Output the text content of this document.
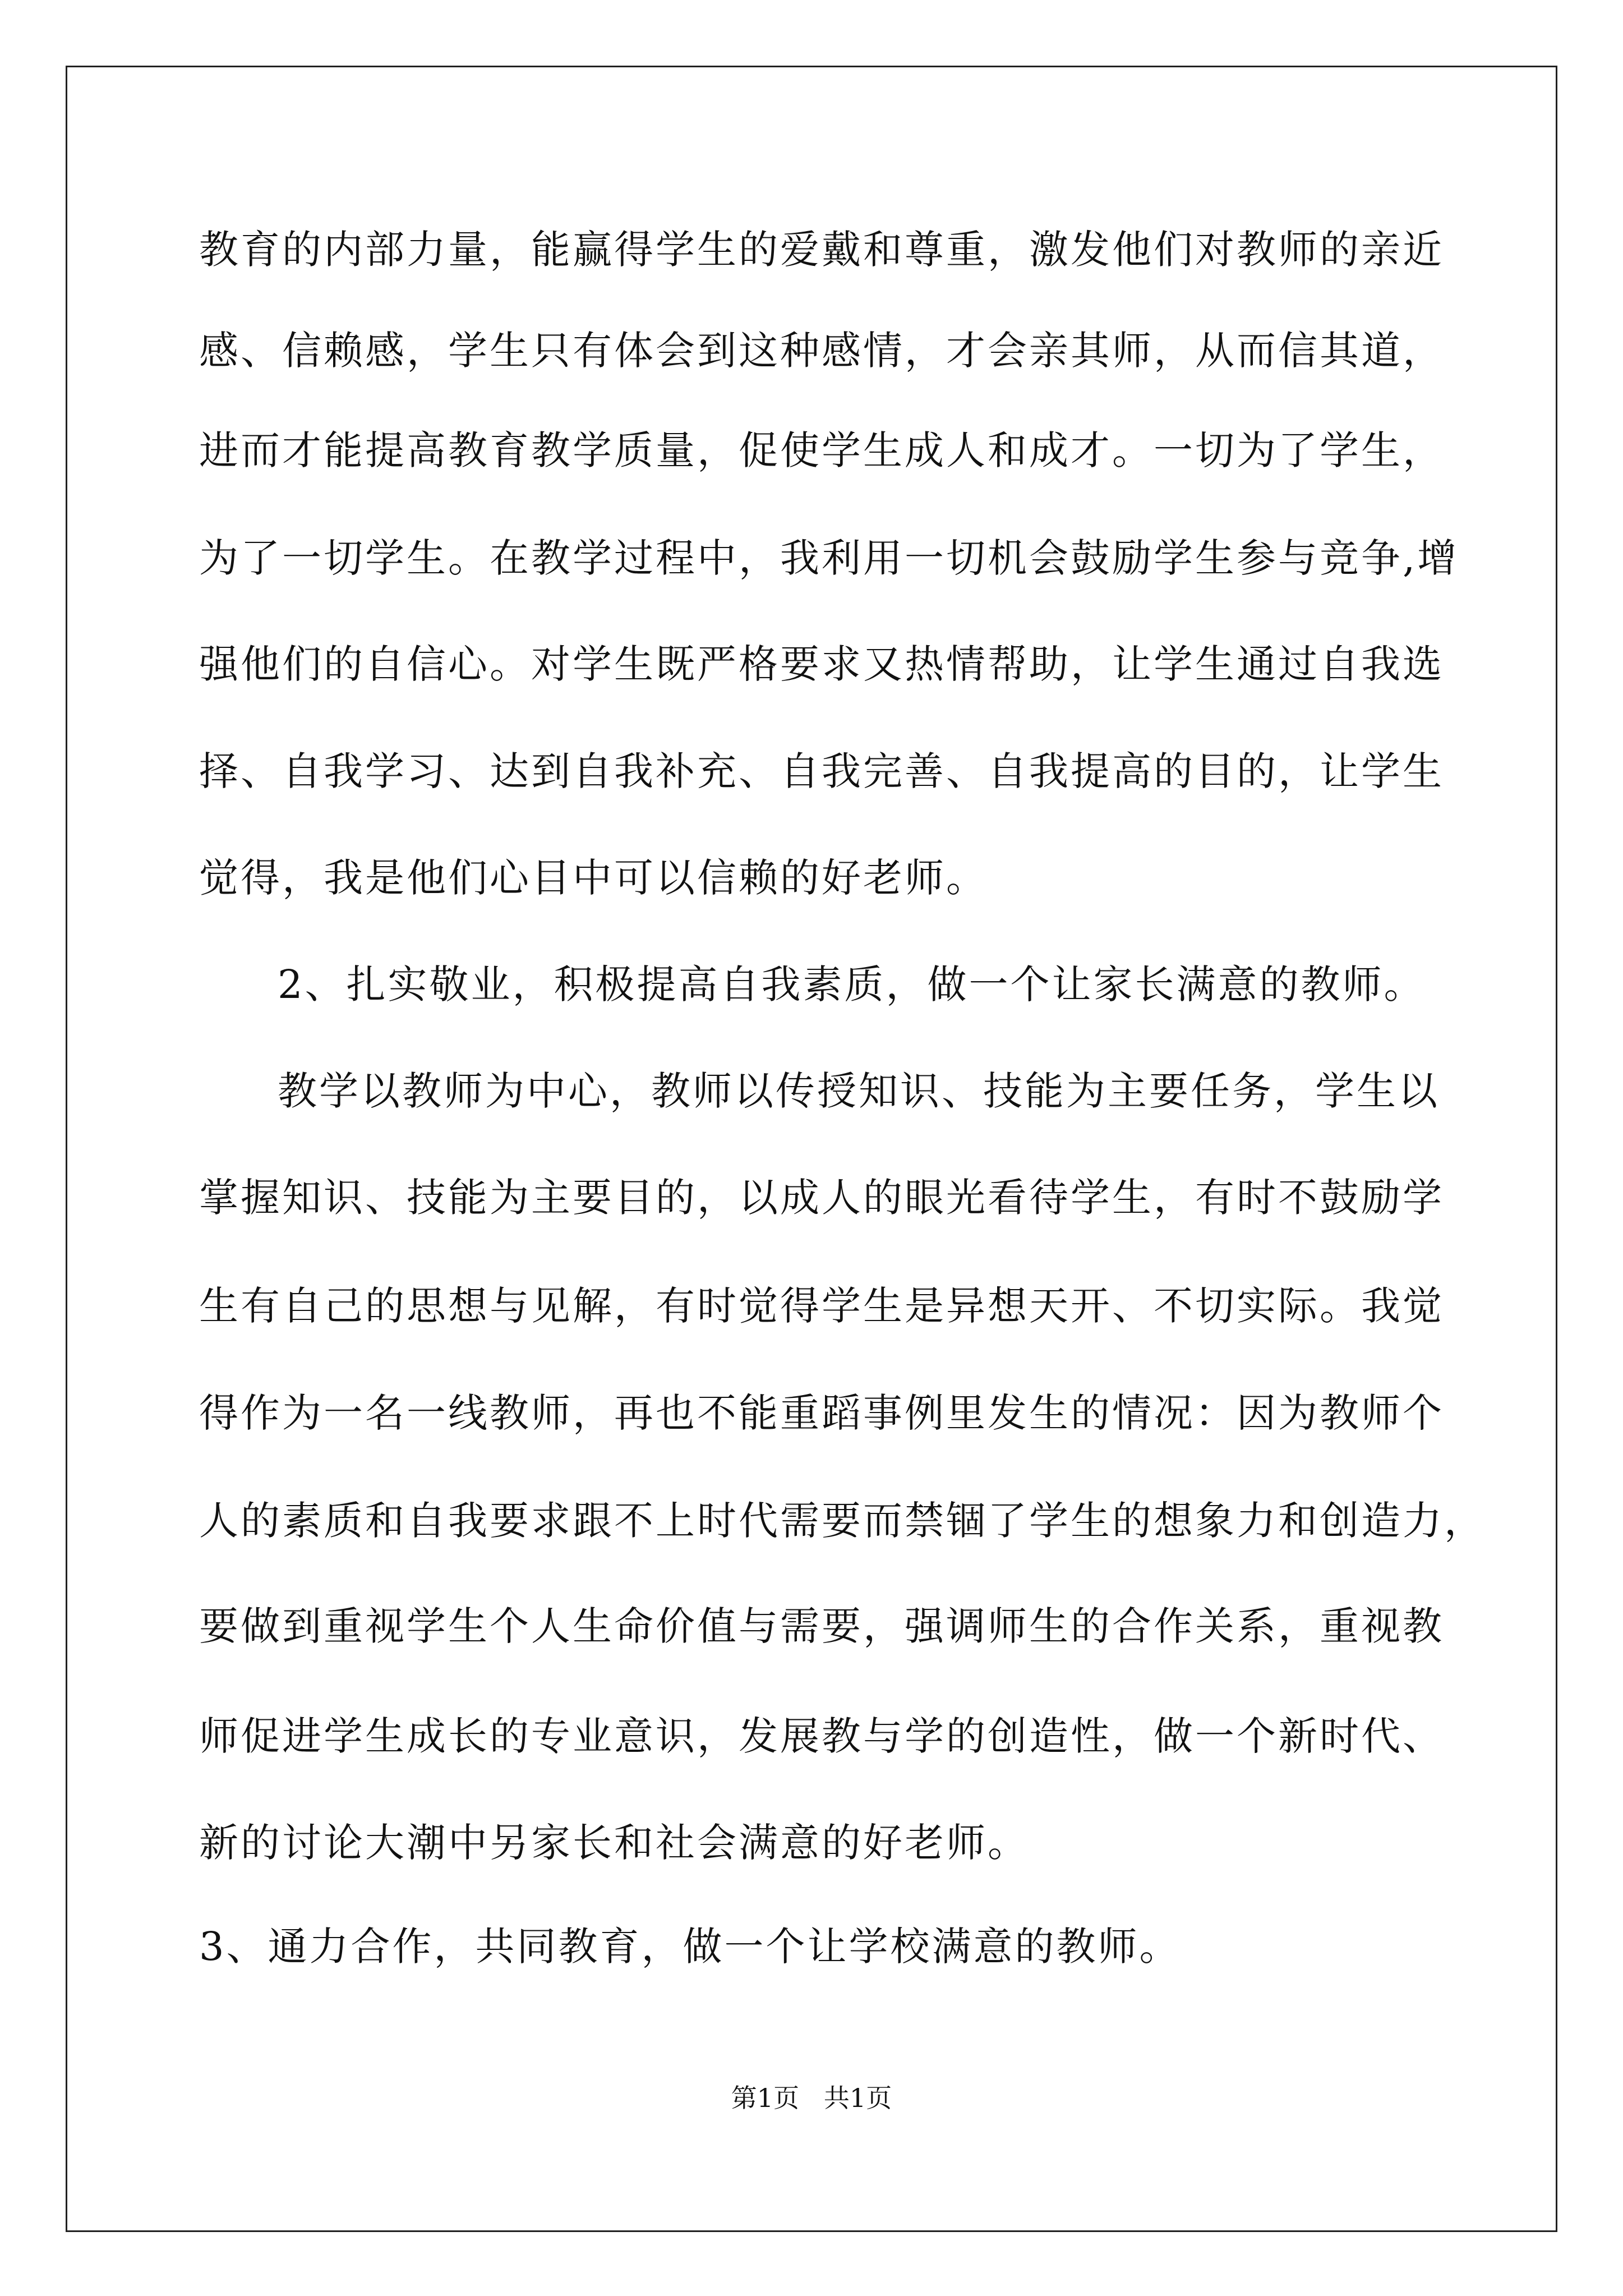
教育的内部力量，能赢得学生的爱戴和尊重，激发他们对教师的亲近
感、信赖感，学生只有体会到这种感情，才会亲其师，从而信其道，
进而才能提高教育教学质量，促使学生成人和成才。一切为了学生，
为了一切学生。在教学过程中，我利用一切机会鼓励学生参与竞争,增
强他们的自信心。对学生既严格要求又热情帮助，让学生通过自我选
择、自我学习、达到自我补充、自我完善、自我提高的目的，让学生
觉得，我是他们心目中可以信赖的好老师。
2、扎实敬业，积极提高自我素质，做一个让家长满意的教师。
教学以教师为中心，教师以传授知识、技能为主要任务，学生以
掌握知识、技能为主要目的，以成人的眼光看待学生，有时不鼓励学
生有自己的思想与见解，有时觉得学生是异想天开、不切实际。我觉
得作为一名一线教师，再也不能重蹈事例里发生的情况：因为教师个
人的素质和自我要求跟不上时代需要而禁锢了学生的想象力和创造力，
要做到重视学生个人生命价值与需要，强调师生的合作关系，重视教
师促进学生成长的专业意识，发展教与学的创造性，做一个新时代、
新的讨论大潮中另家长和社会满意的好老师。
3、通力合作，共同教育，做一个让学校满意的教师。
第1页   共1页
